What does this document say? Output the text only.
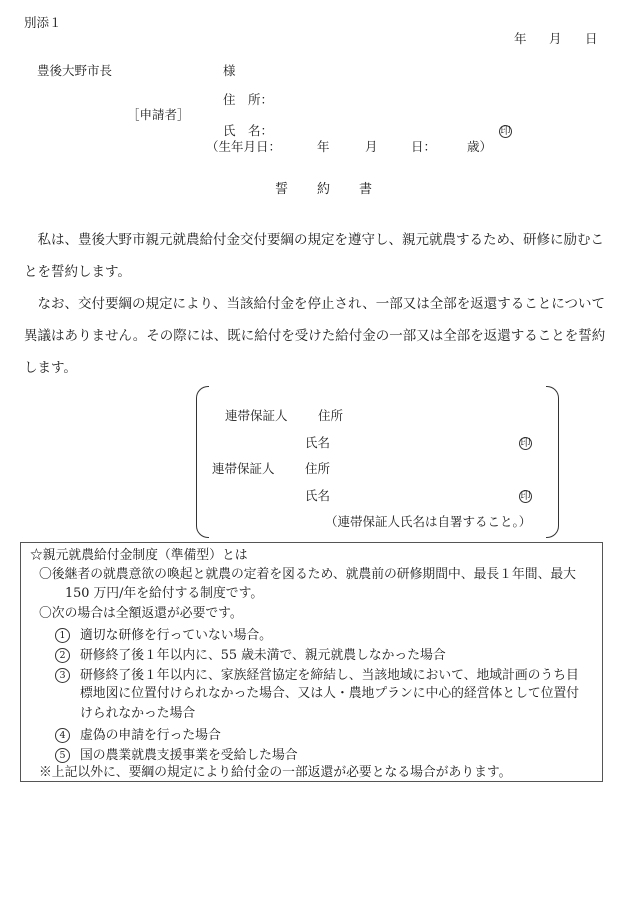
別添１
年 月 日
豊後大野市長	様
住　所：
［申請者］
氏　名：	印
（生年月日：	年	月	日： 歳）
誓　　約　　書

　私は、豊後大野市親元就農給付金交付要綱の規定を遵守し、親元就農するため、研修に励むことを誓約します。

　なお、交付要綱の規定により、当該給付金を停止され、一部又は全部を返還することについて異議はありません。その際には、既に給付を受けた給付金の一部又は全部を返還することを誓約します。

連帯保証人 住所
氏名	印
連帯保証人 住所
氏名	印
（連帯保証人氏名は自署すること。）
☆親元就農給付金制度（準備型）とは
〇後継者の就農意欲の喚起と就農の定着を図るため、就農前の研修期間中、最長１年間、最大
150 万円/年を給付する制度です。
〇次の場合は全額返還が必要です。
1 適切な研修を行っていない場合。
2 研修終了後１年以内に、55 歳未満で、親元就農しなかった場合
3 研修終了後１年以内に、家族経営協定を締結し、当該地域において、地域計画のうち目
標地図に位置付けられなかった場合、又は人・農地プランに中心的経営体として位置付
けられなかった場合
4 虚偽の申請を行った場合
5 国の農業就農支援事業を受給した場合
※上記以外に、要綱の規定により給付金の一部返還が必要となる場合があります。
